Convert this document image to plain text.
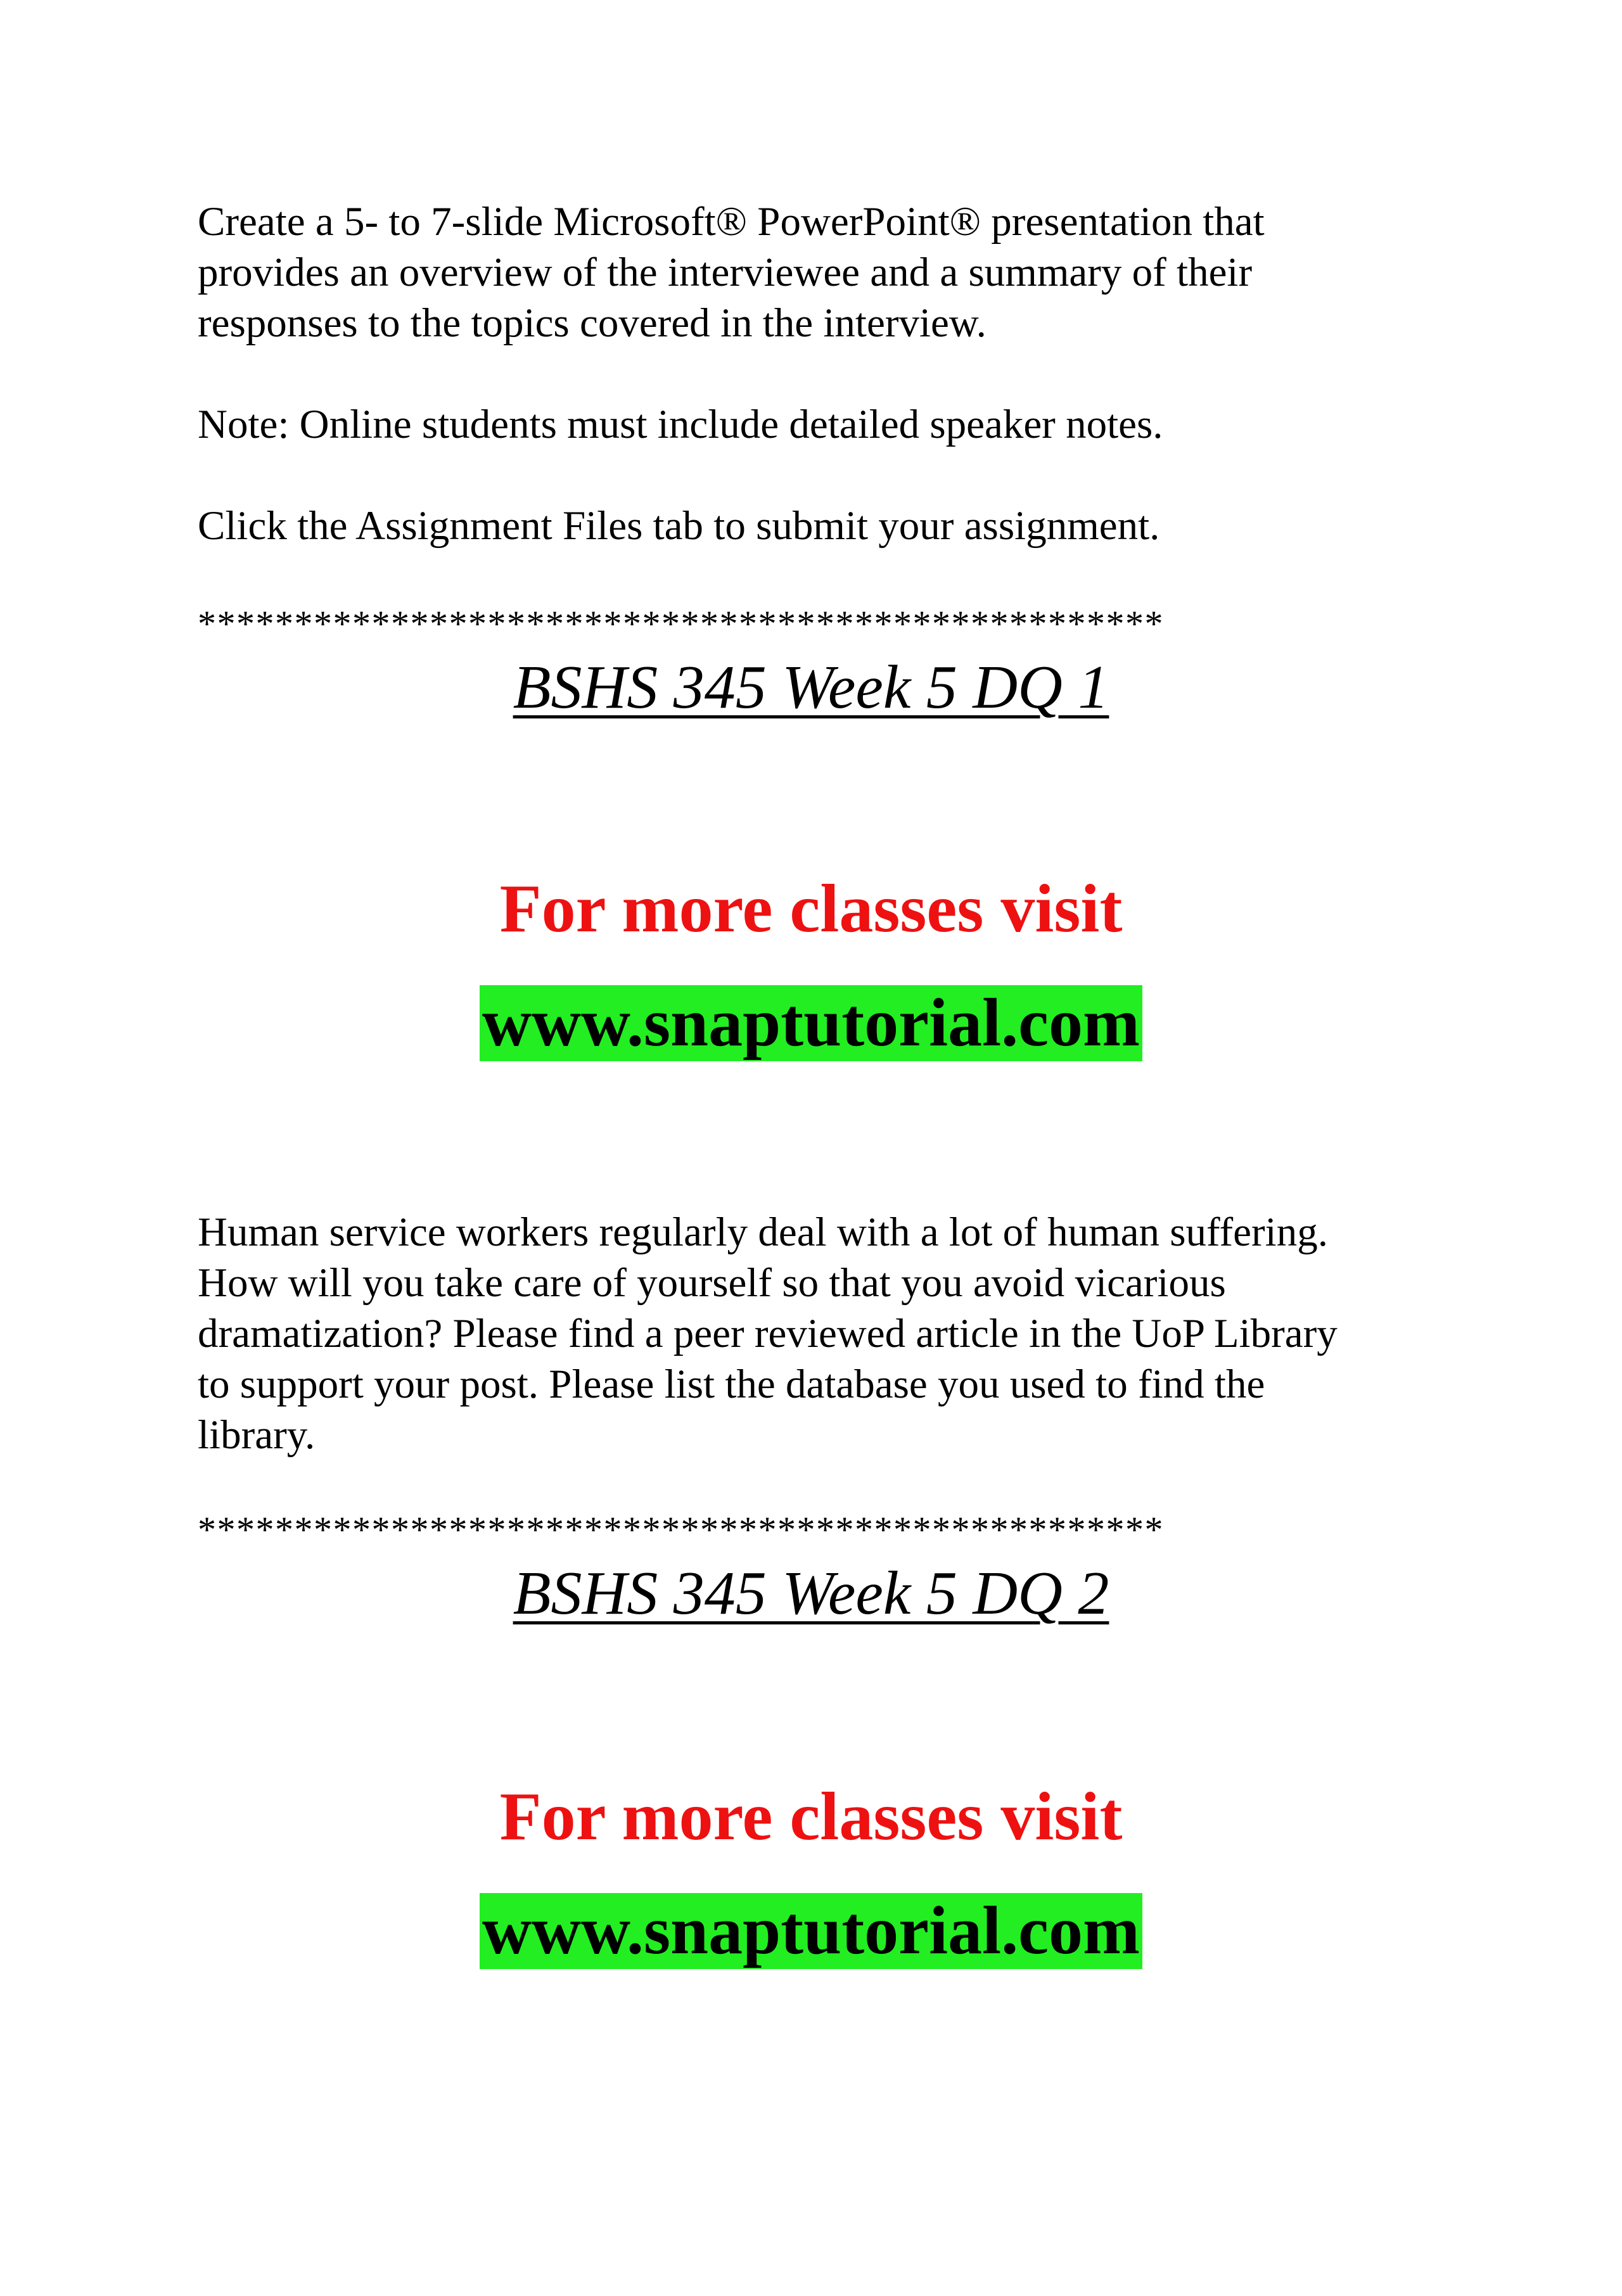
Create a 5- to 7-slide Microsoft® PowerPoint® presentation that
provides an overview of the interviewee and a summary of their
responses to the topics covered in the interview.

Note: Online students must include detailed speaker notes.

Click the Assignment Files tab to submit your assignment.

**************************************************
BSHS 345 Week 5 DQ 1
For more classes visit
www.snaptutorial.com

Human service workers regularly deal with a lot of human suffering.
How will you take care of yourself so that you avoid vicarious
dramatization? Please find a peer reviewed article in the UoP Library
to support your post. Please list the database you used to find the
library.

**************************************************
BSHS 345 Week 5 DQ 2
For more classes visit
www.snaptutorial.com
